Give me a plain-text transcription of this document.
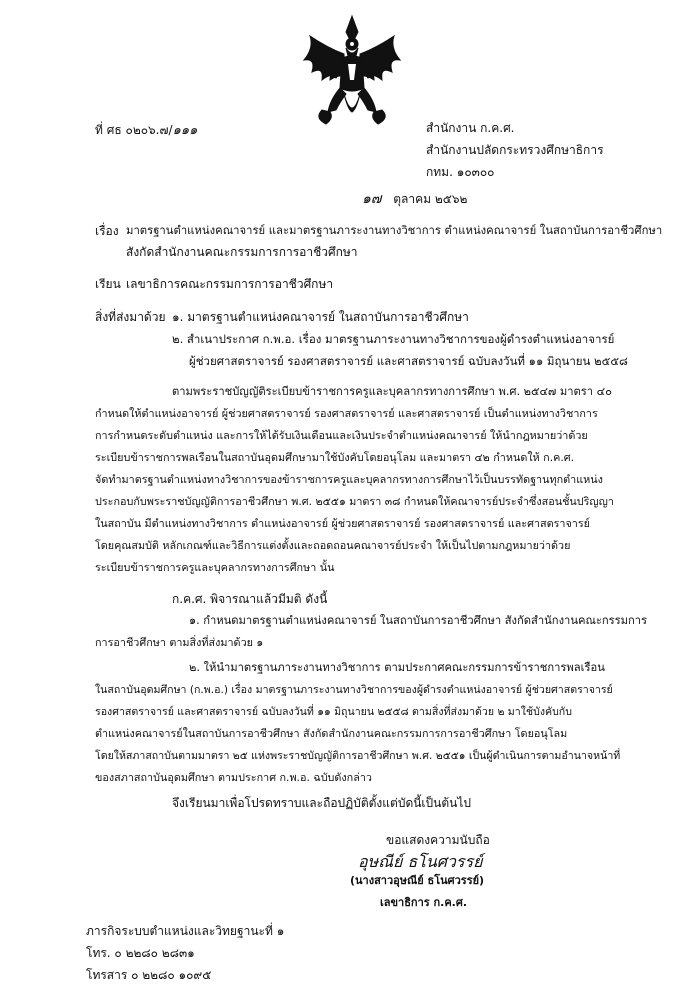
ที่ ศธ ๐๒๐๖.๗/๑๑๑	สำนักงาน ก.ค.ศ.
สำนักงานปลัดกระทรวงศึกษาธิการ
กทม. ๑๐๓๐๐
๑๗ ตุลาคม ๒๕๖๒
เรื่อง มาตรฐานตำแหน่งคณาจารย์ และมาตรฐานภาระงานทางวิชาการ ตำแหน่งคณาจารย์ ในสถาบันการอาชีวศึกษา
สังกัดสำนักงานคณะกรรมการการอาชีวศึกษา
เรียน เลขาธิการคณะกรรมการการอาชีวศึกษา
สิ่งที่ส่งมาด้วย ๑. มาตรฐานตำแหน่งคณาจารย์ ในสถาบันการอาชีวศึกษา
๒. สำเนาประกาศ ก.พ.อ. เรื่อง มาตรฐานภาระงานทางวิชาการของผู้ดำรงตำแหน่งอาจารย์
ผู้ช่วยศาสตราจารย์ รองศาสตราจารย์ และศาสตราจารย์ ฉบับลงวันที่ ๑๑ มิถุนายน ๒๕๕๘
ตามพระราชบัญญัติระเบียบข้าราชการครูและบุคลากรทางการศึกษา พ.ศ. ๒๕๔๗ มาตรา ๔๐
กำหนดให้ตำแหน่งอาจารย์ ผู้ช่วยศาสตราจารย์ รองศาสตราจารย์ และศาสตราจารย์ เป็นตำแหน่งทางวิชาการ
การกำหนดระดับตำแหน่ง และการให้ได้รับเงินเดือนและเงินประจำตำแหน่งคณาจารย์ ให้นำกฎหมายว่าด้วย
ระเบียบข้าราชการพลเรือนในสถาบันอุดมศึกษามาใช้บังคับโดยอนุโลม และมาตรา ๔๒ กำหนดให้ ก.ค.ศ.
จัดทำมาตรฐานตำแหน่งทางวิชาการของข้าราชการครูและบุคลากรทางการศึกษาไว้เป็นบรรทัดฐานทุกตำแหน่ง
ประกอบกับพระราชบัญญัติการอาชีวศึกษา พ.ศ. ๒๕๕๑ มาตรา ๓๘ กำหนดให้คณาจารย์ประจำซึ่งสอนชั้นปริญญา
ในสถาบัน มีตำแหน่งทางวิชาการ ตำแหน่งอาจารย์ ผู้ช่วยศาสตราจารย์ รองศาสตราจารย์ และศาสตราจารย์
โดยคุณสมบัติ หลักเกณฑ์และวิธีการแต่งตั้งและถอดถอนคณาจารย์ประจำ ให้เป็นไปตามกฎหมายว่าด้วย
ระเบียบข้าราชการครูและบุคลากรทางการศึกษา นั้น
ก.ค.ศ. พิจารณาแล้วมีมติ ดังนี้
๑. กำหนดมาตรฐานตำแหน่งคณาจารย์ ในสถาบันการอาชีวศึกษา สังกัดสำนักงานคณะกรรมการ
การอาชีวศึกษา ตามสิ่งที่ส่งมาด้วย ๑
๒. ให้นำมาตรฐานภาระงานทางวิชาการ ตามประกาศคณะกรรมการข้าราชการพลเรือน
ในสถาบันอุดมศึกษา (ก.พ.อ.) เรื่อง มาตรฐานภาระงานทางวิชาการของผู้ดำรงตำแหน่งอาจารย์ ผู้ช่วยศาสตราจารย์
รองศาสตราจารย์ และศาสตราจารย์ ฉบับลงวันที่ ๑๑ มิถุนายน ๒๕๕๘ ตามสิ่งที่ส่งมาด้วย ๒ มาใช้บังคับกับ
ตำแหน่งคณาจารย์ในสถาบันการอาชีวศึกษา สังกัดสำนักงานคณะกรรมการการอาชีวศึกษา โดยอนุโลม
โดยให้สภาสถาบันตามมาตรา ๒๕ แห่งพระราชบัญญัติการอาชีวศึกษา พ.ศ. ๒๕๕๑ เป็นผู้ดำเนินการตามอำนาจหน้าที่
ของสภาสถาบันอุดมศึกษา ตามประกาศ ก.พ.อ. ฉบับดังกล่าว
จึงเรียนมาเพื่อโปรดทราบและถือปฏิบัติตั้งแต่บัดนี้เป็นต้นไป
ขอแสดงความนับถือ
อุษณีย์ ธโนศวรรย์
(นางสาวอุษณีย์ ธโนศวรรย์)
เลขาธิการ ก.ค.ศ.
ภารกิจระบบตำแหน่งและวิทยฐานะที่ ๑
โทร. ๐ ๒๒๘๐ ๒๘๓๑
โทรสาร ๐ ๒๒๘๐ ๑๐๙๕
